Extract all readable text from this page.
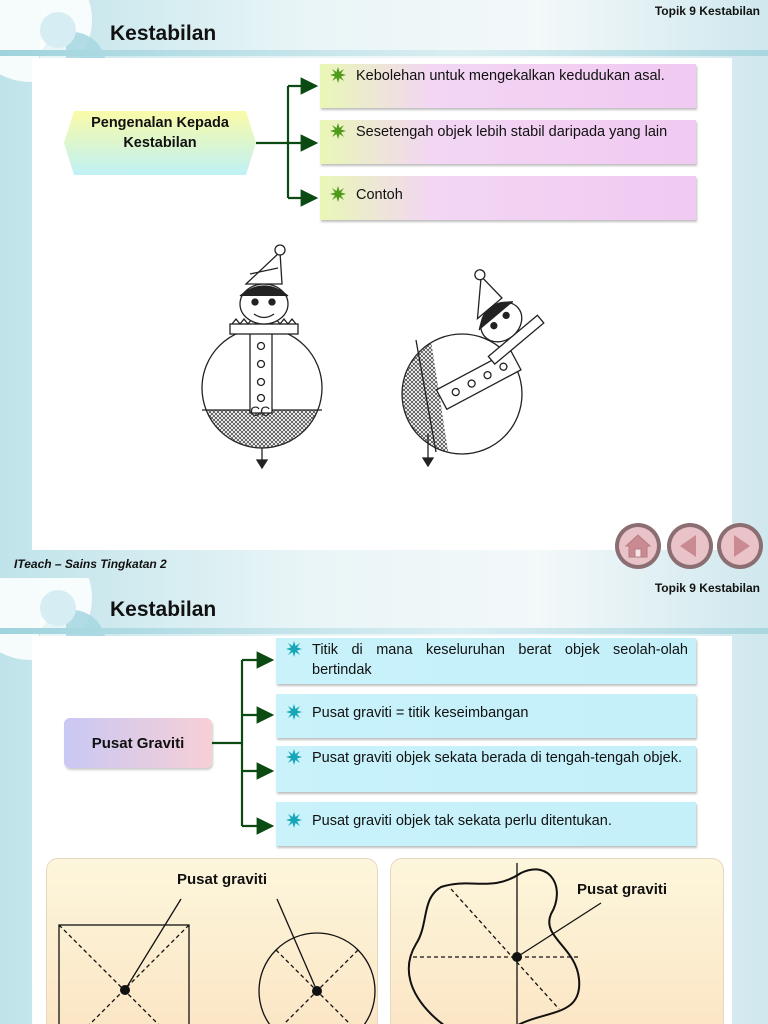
Kestabilan
Topik 9 Kestabilan
Pengenalan Kepada Kestabilan
Kebolehan untuk mengekalkan kedudukan asal.
Sesetengah objek lebih stabil daripada yang lain
Contoh
CC
ITeach – Sains Tingkatan 2
Kestabilan
Topik 9 Kestabilan
Pusat Graviti
Titik di mana keseluruhan berat objek seolah-olah bertindak
Pusat graviti = titik keseimbangan
Pusat graviti objek sekata berada di tengah-tengah objek.
Pusat graviti objek tak sekata perlu ditentukan.
Pusat graviti
Pusat graviti
